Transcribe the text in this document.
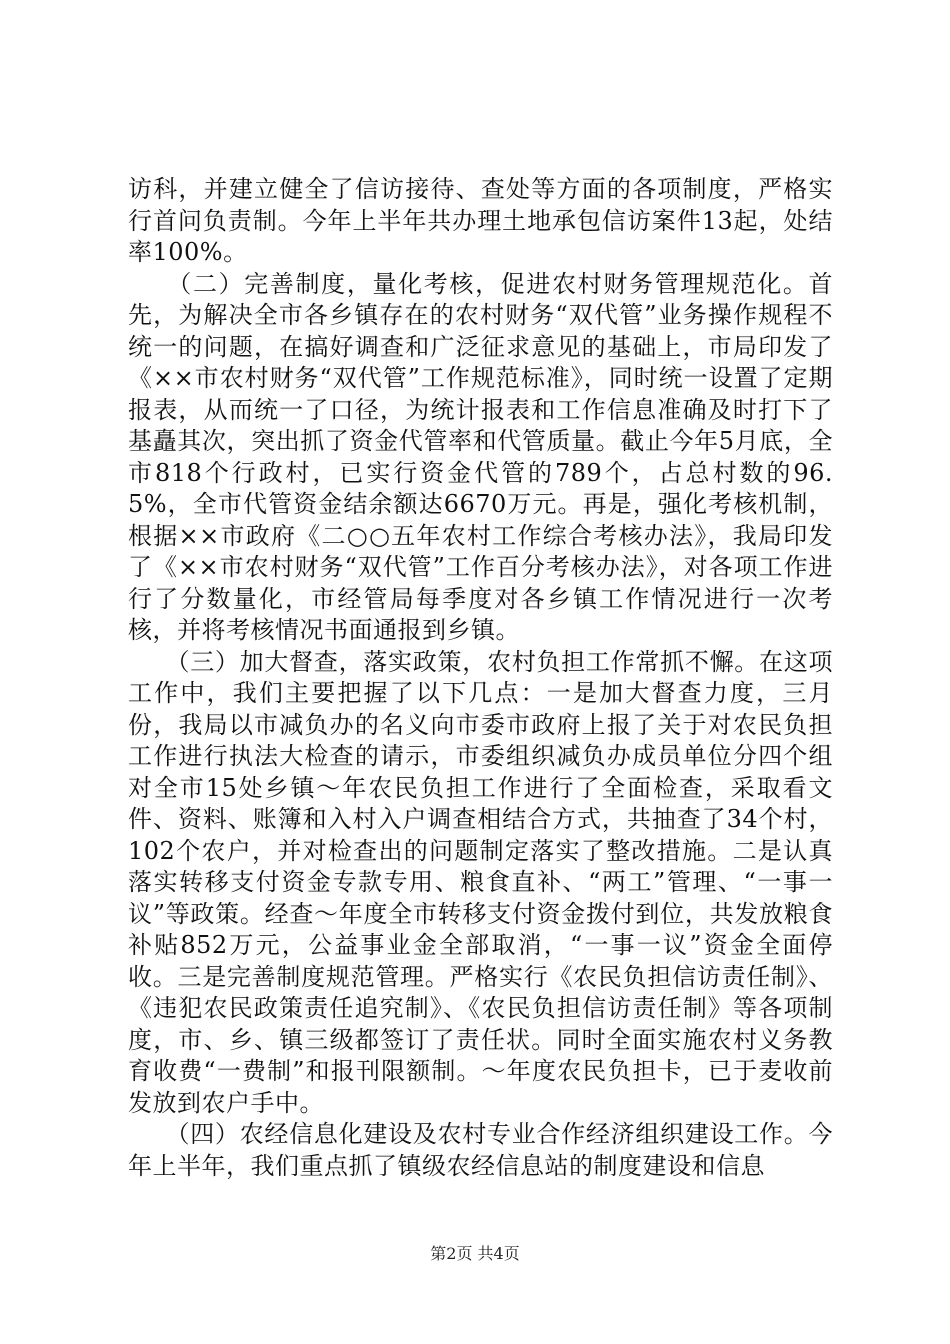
访科，并建立健全了信访接待、查处等方面的各项制度，严格实行首问负责制。今年上半年共办理土地承包信访案件13起，处结率100%。

　　（二）完善制度，量化考核，促进农村财务管理规范化。首先，为解决全市各乡镇存在的农村财务“双代管”业务操作规程不统一的问题，在搞好调查和广泛征求意见的基础上，市局印发了《××市农村财务“双代管”工作规范标准》，同时统一设置了定期报表，从而统一了口径，为统计报表和工作信息准确及时打下了基矗其次，突出抓了资金代管率和代管质量。截止今年5月底，全市818个行政村，已实行资金代管的789个，占总村数的96.5%，全市代管资金结余额达6670万元。再是，强化考核机制，根据××市政府《二○○五年农村工作综合考核办法》，我局印发了《××市农村财务“双代管”工作百分考核办法》，对各项工作进行了分数量化，市经管局每季度对各乡镇工作情况进行一次考核，并将考核情况书面通报到乡镇。

　　（三）加大督查，落实政策，农村负担工作常抓不懈。在这项工作中，我们主要把握了以下几点：一是加大督查力度，三月份，我局以市减负办的名义向市委市政府上报了关于对农民负担工作进行执法大检查的请示，市委组织减负办成员单位分四个组对全市15处乡镇～年农民负担工作进行了全面检查，采取看文件、资料、账簿和入村入户调查相结合方式，共抽查了34个村，102个农户，并对检查出的问题制定落实了整改措施。二是认真落实转移支付资金专款专用、粮食直补、“两工”管理、“一事一议”等政策。经查～年度全市转移支付资金拨付到位，共发放粮食补贴852万元，公益事业金全部取消，“一事一议”资金全面停收。三是完善制度规范管理。严格实行《农民负担信访责任制》、《违犯农民政策责任追究制》、《农民负担信访责任制》等各项制度，市、乡、镇三级都签订了责任状。同时全面实施农村义务教育收费“一费制”和报刊限额制。～年度农民负担卡，已于麦收前发放到农户手中。

　　（四）农经信息化建设及农村专业合作经济组织建设工作。今年上半年，我们重点抓了镇级农经信息站的制度建设和信息

第2页 共4页
